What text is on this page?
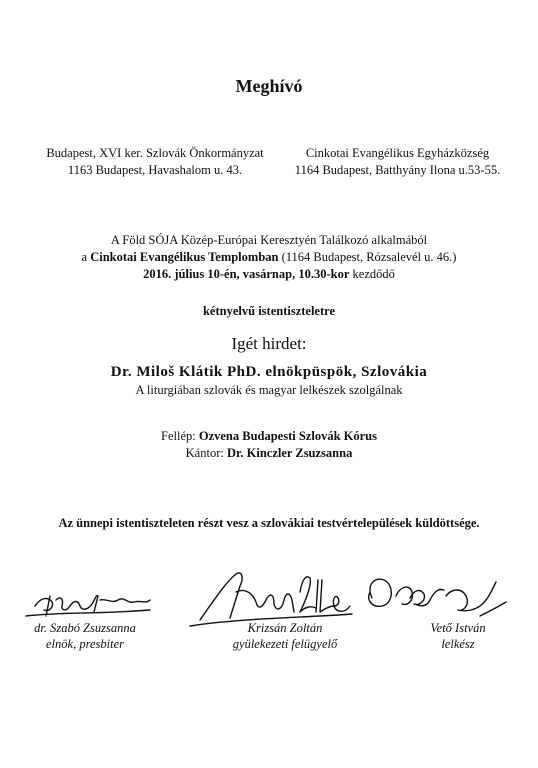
Meghívó
Budapest, XVI ker. Szlovák Önkormányzat
1163 Budapest, Havashalom u. 43.
Cinkotai Evangélikus Egyházközség
1164 Budapest, Batthyány Ilona u.53-55.
A Föld SÓJA Közép-Európai Keresztyén Találkozó alkalmából
a Cinkotai Evangélikus Templomban (1164 Budapest, Rózsalevél u. 46.)
2016. július 10-én, vasárnap, 10.30-kor kezdődő
kétnyelvű istentiszteletre
Igét hirdet:
Dr. Miloš Klátik PhD. elnökpüspök, Szlovákia
A liturgiában szlovák és magyar lelkészek szolgálnak
Fellép: Ozvena Budapesti Szlovák Kórus
Kántor: Dr. Kinczler Zsuzsanna
Az ünnepi istentiszteleten részt vesz a szlovákiai testvértelepülések küldöttsége.
dr. Szabó Zsuzsanna
elnök, presbiter
Krizsán Zoltán
gyülekezeti felügyelő
Vető István
lelkész
